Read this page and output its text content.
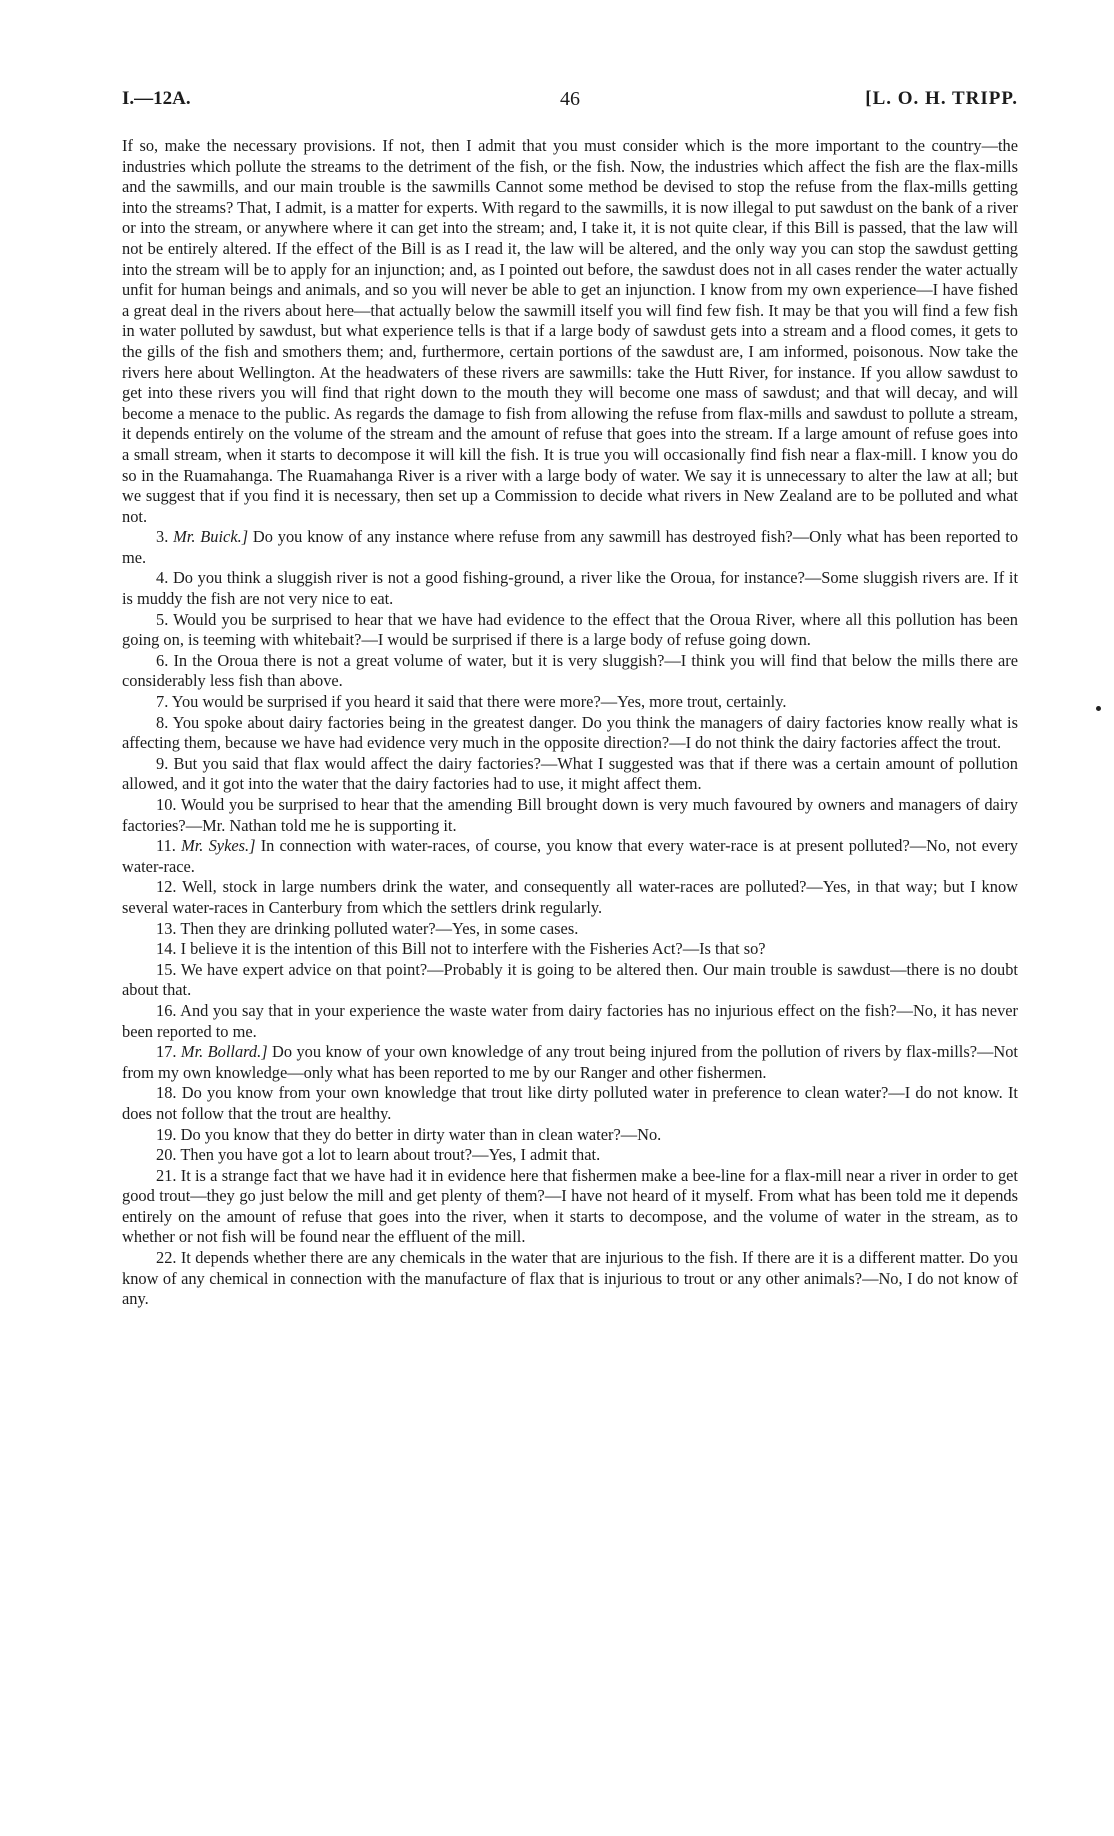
I.—12A.	46	[L. O. H. TRIPP.

If so, make the necessary provisions. If not, then I admit that you must consider which is the more important to the country—the industries which pollute the streams to the detriment of the fish, or the fish. Now, the industries which affect the fish are the flax-mills and the sawmills, and our main trouble is the sawmills Cannot some method be devised to stop the refuse from the flax-mills getting into the streams? That, I admit, is a matter for experts. With regard to the sawmills, it is now illegal to put sawdust on the bank of a river or into the stream, or anywhere where it can get into the stream; and, I take it, it is not quite clear, if this Bill is passed, that the law will not be entirely altered. If the effect of the Bill is as I read it, the law will be altered, and the only way you can stop the sawdust getting into the stream will be to apply for an injunction; and, as I pointed out before, the sawdust does not in all cases render the water actually unfit for human beings and animals, and so you will never be able to get an injunction. I know from my own experience—I have fished a great deal in the rivers about here—that actually below the sawmill itself you will find few fish. It may be that you will find a few fish in water polluted by sawdust, but what experience tells is that if a large body of sawdust gets into a stream and a flood comes, it gets to the gills of the fish and smothers them; and, furthermore, certain portions of the sawdust are, I am informed, poisonous. Now take the rivers here about Wellington. At the headwaters of these rivers are sawmills: take the Hutt River, for instance. If you allow sawdust to get into these rivers you will find that right down to the mouth they will become one mass of sawdust; and that will decay, and will become a menace to the public. As regards the damage to fish from allowing the refuse from flax-mills and sawdust to pollute a stream, it depends entirely on the volume of the stream and the amount of refuse that goes into the stream. If a large amount of refuse goes into a small stream, when it starts to decompose it will kill the fish. It is true you will occasionally find fish near a flax-mill. I know you do so in the Ruamahanga. The Ruamahanga River is a river with a large body of water. We say it is unnecessary to alter the law at all; but we suggest that if you find it is necessary, then set up a Commission to decide what rivers in New Zealand are to be polluted and what not.

3. Mr. Buick.] Do you know of any instance where refuse from any sawmill has destroyed fish?—Only what has been reported to me.

4. Do you think a sluggish river is not a good fishing-ground, a river like the Oroua, for instance?—Some sluggish rivers are. If it is muddy the fish are not very nice to eat.

5. Would you be surprised to hear that we have had evidence to the effect that the Oroua River, where all this pollution has been going on, is teeming with whitebait?—I would be surprised if there is a large body of refuse going down.

6. In the Oroua there is not a great volume of water, but it is very sluggish?—I think you will find that below the mills there are considerably less fish than above.

7. You would be surprised if you heard it said that there were more?—Yes, more trout, certainly.

8. You spoke about dairy factories being in the greatest danger. Do you think the managers of dairy factories know really what is affecting them, because we have had evidence very much in the opposite direction?—I do not think the dairy factories affect the trout.

9. But you said that flax would affect the dairy factories?—What I suggested was that if there was a certain amount of pollution allowed, and it got into the water that the dairy factories had to use, it might affect them.

10. Would you be surprised to hear that the amending Bill brought down is very much favoured by owners and managers of dairy factories?—Mr. Nathan told me he is supporting it.

11. Mr. Sykes.] In connection with water-races, of course, you know that every water-race is at present polluted?—No, not every water-race.

12. Well, stock in large numbers drink the water, and consequently all water-races are polluted?—Yes, in that way; but I know several water-races in Canterbury from which the settlers drink regularly.

13. Then they are drinking polluted water?—Yes, in some cases.

14. I believe it is the intention of this Bill not to interfere with the Fisheries Act?—Is that so?

15. We have expert advice on that point?—Probably it is going to be altered then. Our main trouble is sawdust—there is no doubt about that.

16. And you say that in your experience the waste water from dairy factories has no injurious effect on the fish?—No, it has never been reported to me.

17. Mr. Bollard.] Do you know of your own knowledge of any trout being injured from the pollution of rivers by flax-mills?—Not from my own knowledge—only what has been reported to me by our Ranger and other fishermen.

18. Do you know from your own knowledge that trout like dirty polluted water in preference to clean water?—I do not know. It does not follow that the trout are healthy.

19. Do you know that they do better in dirty water than in clean water?—No.

20. Then you have got a lot to learn about trout?—Yes, I admit that.

21. It is a strange fact that we have had it in evidence here that fishermen make a bee-line for a flax-mill near a river in order to get good trout—they go just below the mill and get plenty of them?—I have not heard of it myself. From what has been told me it depends entirely on the amount of refuse that goes into the river, when it starts to decompose, and the volume of water in the stream, as to whether or not fish will be found near the effluent of the mill.

22. It depends whether there are any chemicals in the water that are injurious to the fish. If there are it is a different matter. Do you know of any chemical in connection with the manufacture of flax that is injurious to trout or any other animals?—No, I do not know of any.
